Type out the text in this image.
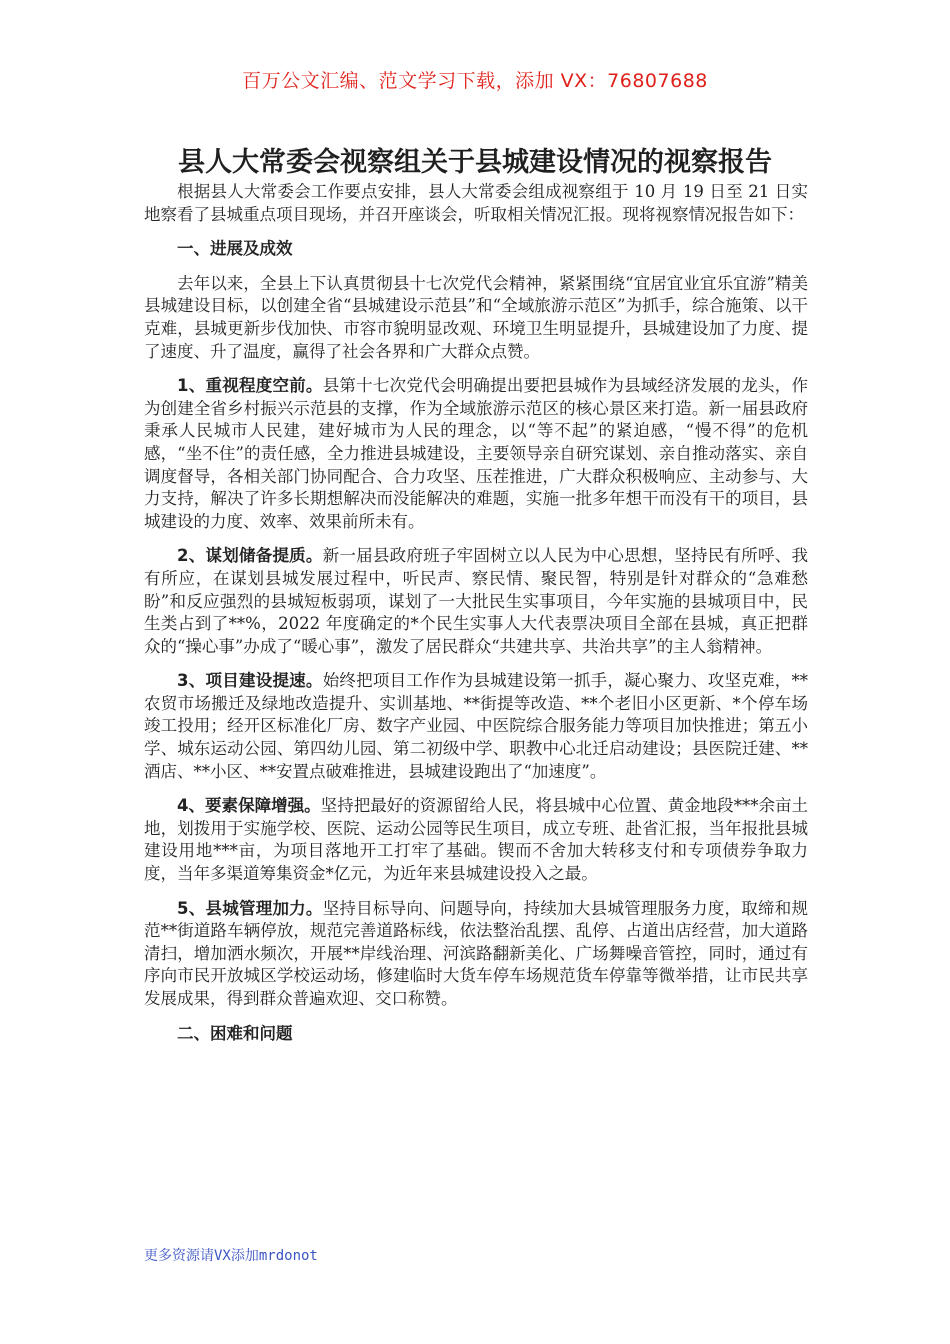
百万公文汇编、范文学习下载，添加 VX：76807688
县人大常委会视察组关于县城建设情况的视察报告

根据县人大常委会工作要点安排，县人大常委会组成视察组于 10 月 19 日至 21 日实地察看了县城重点项目现场，并召开座谈会，听取相关情况汇报。现将视察情况报告如下：

一、进展及成效

去年以来，全县上下认真贯彻县十七次党代会精神，紧紧围绕“宜居宜业宜乐宜游”精美县城建设目标，以创建全省“县城建设示范县”和“全域旅游示范区”为抓手，综合施策、以干克难，县城更新步伐加快、市容市貌明显改观、环境卫生明显提升，县城建设加了力度、提了速度、升了温度，赢得了社会各界和广大群众点赞。

1、重视程度空前。县第十七次党代会明确提出要把县城作为县域经济发展的龙头，作为创建全省乡村振兴示范县的支撑，作为全域旅游示范区的核心景区来打造。新一届县政府秉承人民城市人民建，建好城市为人民的理念，以“等不起”的紧迫感，“慢不得”的危机感，“坐不住”的责任感，全力推进县城建设，主要领导亲自研究谋划、亲自推动落实、亲自调度督导，各相关部门协同配合、合力攻坚、压茬推进，广大群众积极响应、主动参与、大力支持，解决了许多长期想解决而没能解决的难题，实施一批多年想干而没有干的项目，县城建设的力度、效率、效果前所未有。

2、谋划储备提质。新一届县政府班子牢固树立以人民为中心思想，坚持民有所呼、我有所应，在谋划县城发展过程中，听民声、察民情、聚民智，特别是针对群众的“急难愁盼”和反应强烈的县城短板弱项，谋划了一大批民生实事项目，今年实施的县城项目中，民生类占到了**%，2022 年度确定的*个民生实事人大代表票决项目全部在县城，真正把群众的“操心事”办成了“暖心事”，激发了居民群众“共建共享、共治共享”的主人翁精神。

3、项目建设提速。始终把项目工作作为县城建设第一抓手，凝心聚力、攻坚克难，**农贸市场搬迁及绿地改造提升、实训基地、**街提等改造、**个老旧小区更新、*个停车场竣工投用；经开区标准化厂房、数字产业园、中医院综合服务能力等项目加快推进；第五小学、城东运动公园、第四幼儿园、第二初级中学、职教中心北迁启动建设；县医院迁建、**酒店、**小区、**安置点破难推进，县城建设跑出了“加速度”。

4、要素保障增强。坚持把最好的资源留给人民，将县城中心位置、黄金地段***余亩土地，划拨用于实施学校、医院、运动公园等民生项目，成立专班、赴省汇报，当年报批县城建设用地***亩，为项目落地开工打牢了基础。锲而不舍加大转移支付和专项债券争取力度，当年多渠道筹集资金*亿元，为近年来县城建设投入之最。

5、县城管理加力。坚持目标导向、问题导向，持续加大县城管理服务力度，取缔和规范**街道路车辆停放，规范完善道路标线，依法整治乱摆、乱停、占道出店经营，加大道路清扫，增加洒水频次，开展**岸线治理、河滨路翻新美化、广场舞噪音管控，同时，通过有序向市民开放城区学校运动场，修建临时大货车停车场规范货车停靠等微举措，让市民共享发展成果，得到群众普遍欢迎、交口称赞。

二、困难和问题

更多资源请VX添加mrdonot
